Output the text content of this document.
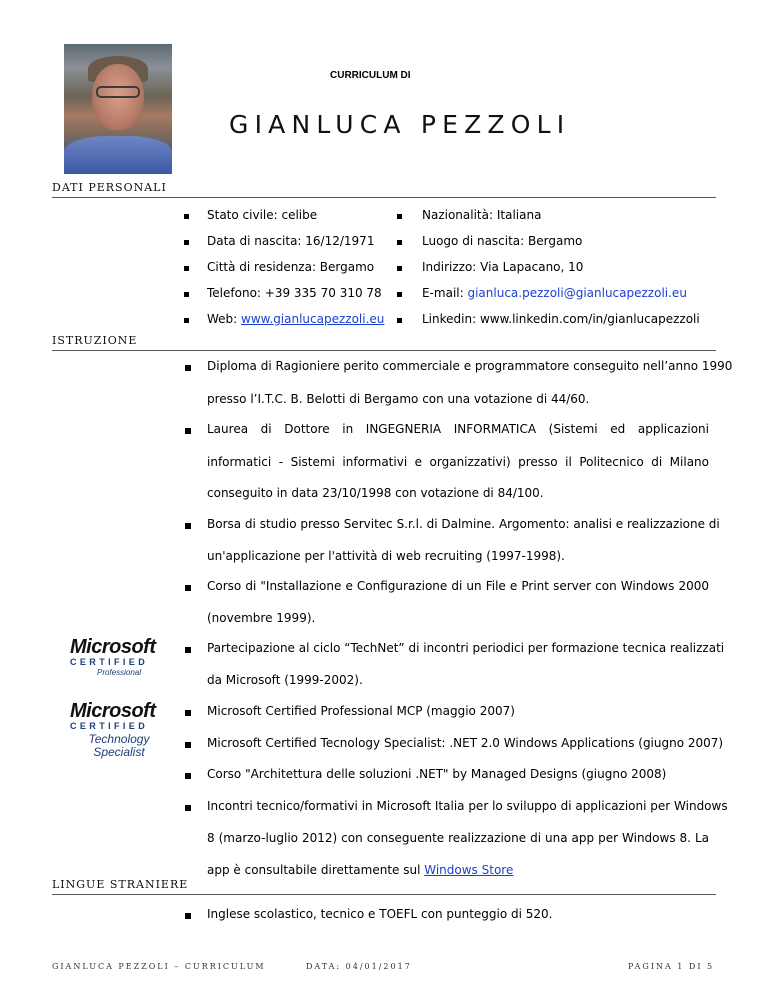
CURRICULUM DI
GIANLUCA PEZZOLI
DATI PERSONALI
Stato civile: celibe	Nazionalità: Italiana
Data di nascita: 16/12/1971	Luogo di nascita: Bergamo
Città di residenza: Bergamo	Indirizzo: Via Lapacano, 10
Telefono: +39 335 70 310 78	E-mail: gianluca.pezzoli@gianlucapezzoli.eu
Web: www.gianlucapezzoli.eu	Linkedin: www.linkedin.com/in/gianlucapezzoli
ISTRUZIONE
Diploma di Ragioniere perito commerciale e programmatore conseguito nell’anno 1990
presso l’I.T.C. B. Belotti di Bergamo con una votazione di 44/60.
Laurea di Dottore in INGEGNERIA INFORMATICA (Sistemi ed applicazioni
informatici - Sistemi informativi e organizzativi) presso il Politecnico di Milano
conseguito in data 23/10/1998 con votazione di 84/100.
Borsa di studio presso Servitec S.r.l. di Dalmine. Argomento: analisi e realizzazione di
un'applicazione per l'attività di web recruiting (1997-1998).
Corso di "Installazione e Configurazione di un File e Print server con Windows 2000
(novembre 1999).
Partecipazione al ciclo “TechNet” di incontri periodici per formazione tecnica realizzati
da Microsoft (1999-2002).
Microsoft Certified Professional MCP (maggio 2007)
Microsoft Certified Tecnology Specialist: .NET 2.0 Windows Applications (giugno 2007)
Corso "Architettura delle soluzioni .NET" by Managed Designs (giugno 2008)
Incontri tecnico/formativi in Microsoft Italia per lo sviluppo di applicazioni per Windows
8 (marzo-luglio 2012) con conseguente realizzazione di una app per Windows 8. La
app è consultabile direttamente sul Windows Store
Microsoft
CERTIFIED
Professional
Microsoft
CERTIFIED
Technology
Specialist
LINGUE STRANIERE
Inglese scolastico, tecnico e TOEFL con punteggio di 520.
GIANLUCA PEZZOLI – CURRICULUM	DATA: 04/01/2017	PAGINA 1 DI 5
